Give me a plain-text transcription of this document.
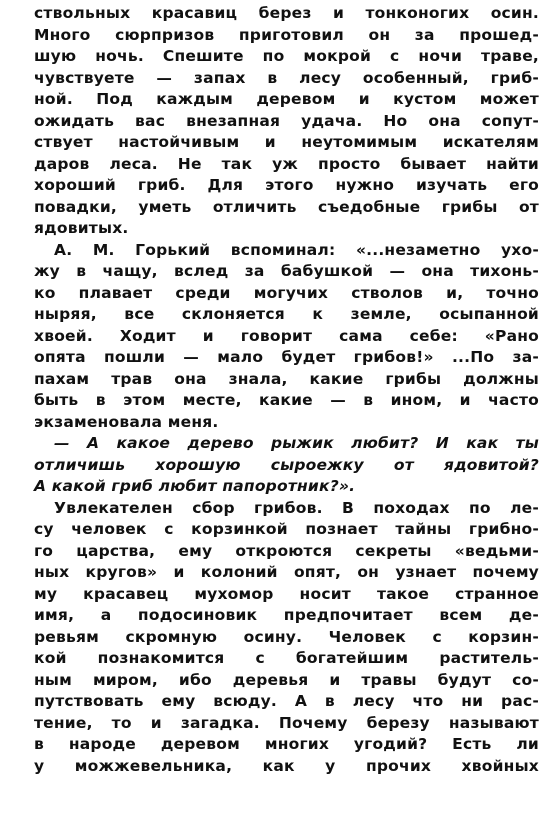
ствольных красавиц берез и тонконогих осин.
Много сюрпризов приготовил он за прошед-
шую ночь. Спешите по мокрой с ночи траве,
чувствуете — запах в лесу особенный, гриб-
ной. Под каждым деревом и кустом может
ожидать вас внезапная удача. Но она сопут-
ствует настойчивым и неутомимым искателям
даров леса. Не так уж просто бывает найти
хороший гриб. Для этого нужно изучать его
повадки, уметь отличить съедобные грибы от
ядовитых.
А. М. Горький вспоминал: «...незаметно ухо-
жу в чащу, вслед за бабушкой — она тихонь-
ко плавает среди могучих стволов и, точно
ныряя, все склоняется к земле, осыпанной
хвоей. Ходит и говорит сама себе: «Рано
опята пошли — мало будет грибов!» ...По за-
пахам трав она знала, какие грибы должны
быть в этом месте, какие — в ином, и часто
экзаменовала меня.
— А какое дерево рыжик любит? И как ты
отличишь хорошую сыроежку от ядовитой?
А какой гриб любит папоротник?».
Увлекателен сбор грибов. В походах по ле-
су человек с корзинкой познает тайны грибно-
го царства, ему откроются секреты «ведьми-
ных кругов» и колоний опят, он узнает почему
му красавец мухомор носит такое странное
имя, а подосиновик предпочитает всем де-
ревьям скромную осину. Человек с корзин-
кой познакомится с богатейшим раститель-
ным миром, ибо деревья и травы будут со-
путствовать ему всюду. А в лесу что ни рас-
тение, то и загадка. Почему березу называют
в народе деревом многих угодий? Есть ли
у можжевельника, как у прочих хвойных
